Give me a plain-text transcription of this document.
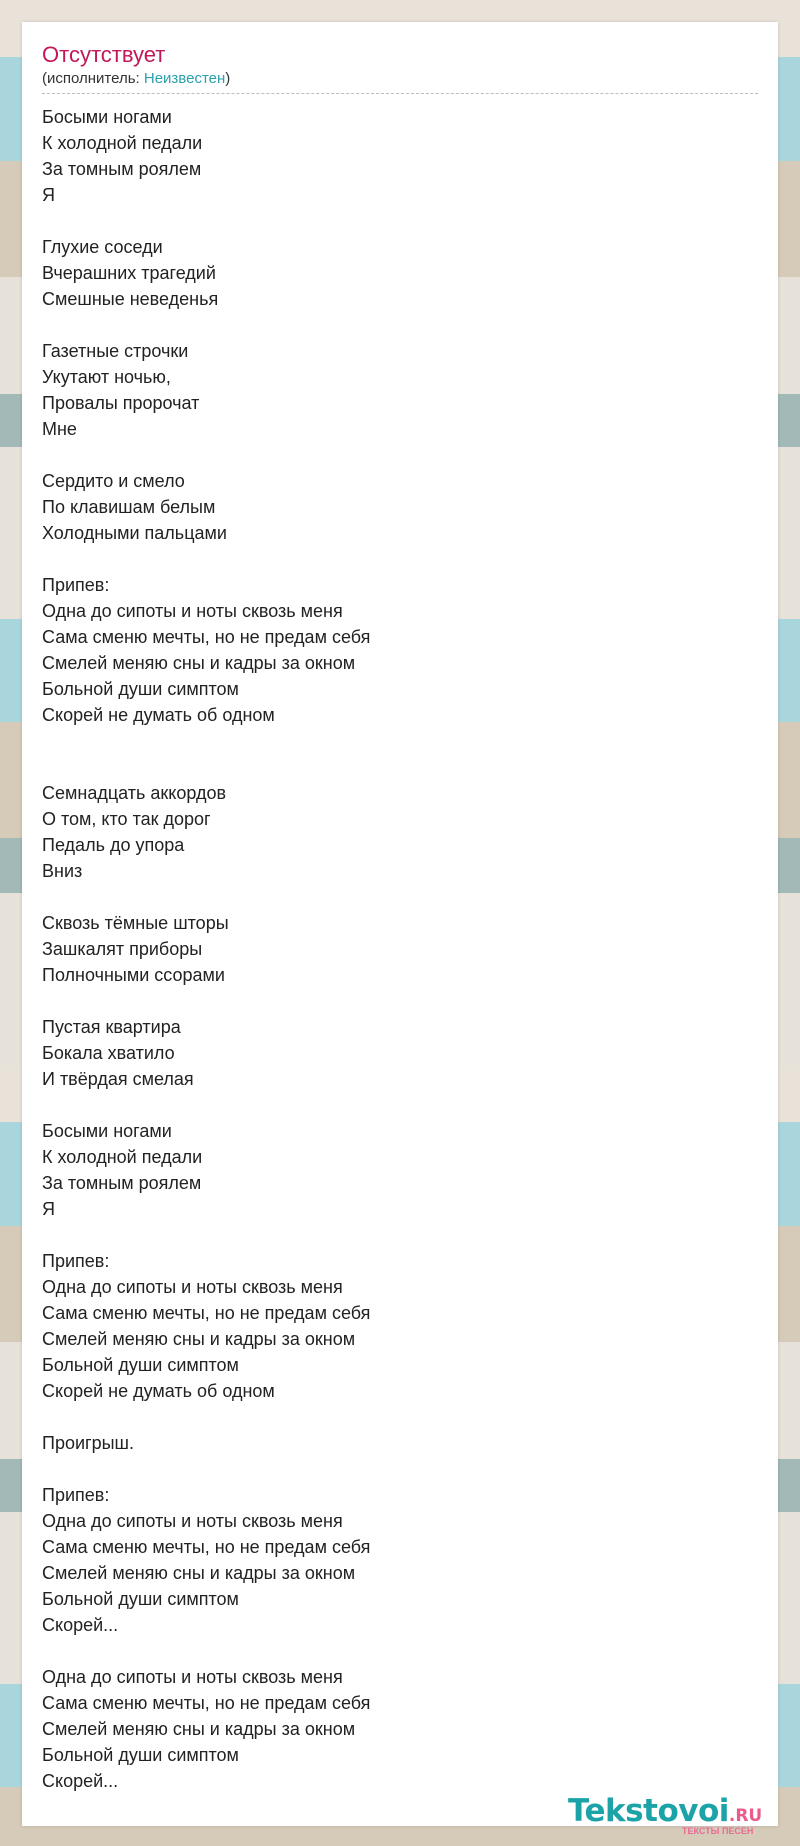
Отсутствует
(исполнитель: Неизвестен)
Босыми ногами
К холодной педали
За томным роялем
Я
Глухие соседи
Вчерашних трагедий
Смешные неведенья
Газетные строчки
Укутают ночью,
Провалы пророчат
Мне
Сердито и смело
По клавишам белым
Холодными пальцами
Припев:
Одна до сипоты и ноты сквозь меня
Сама сменю мечты, но не предам себя
Смелей меняю сны и кадры за окном
Больной души симптом
Скорей не думать об одном
Семнадцать аккордов
О том, кто так дорог
Педаль до упора
Вниз
Сквозь тёмные шторы
Зашкалят приборы
Полночными ссорами
Пустая квартира
Бокала хватило
И твёрдая смелая
Босыми ногами
К холодной педали
За томным роялем
Я
Припев:
Одна до сипоты и ноты сквозь меня
Сама сменю мечты, но не предам себя
Смелей меняю сны и кадры за окном
Больной души симптом
Скорей не думать об одном
Проигрыш.
Припев:
Одна до сипоты и ноты сквозь меня
Сама сменю мечты, но не предам себя
Смелей меняю сны и кадры за окном
Больной души симптом
Скорей...
Одна до сипоты и ноты сквозь меня
Сама сменю мечты, но не предам себя
Смелей меняю сны и кадры за окном
Больной души симптом
Скорей...
Tekstovoi.RU
ТЕКСТЫ ПЕСЕН
